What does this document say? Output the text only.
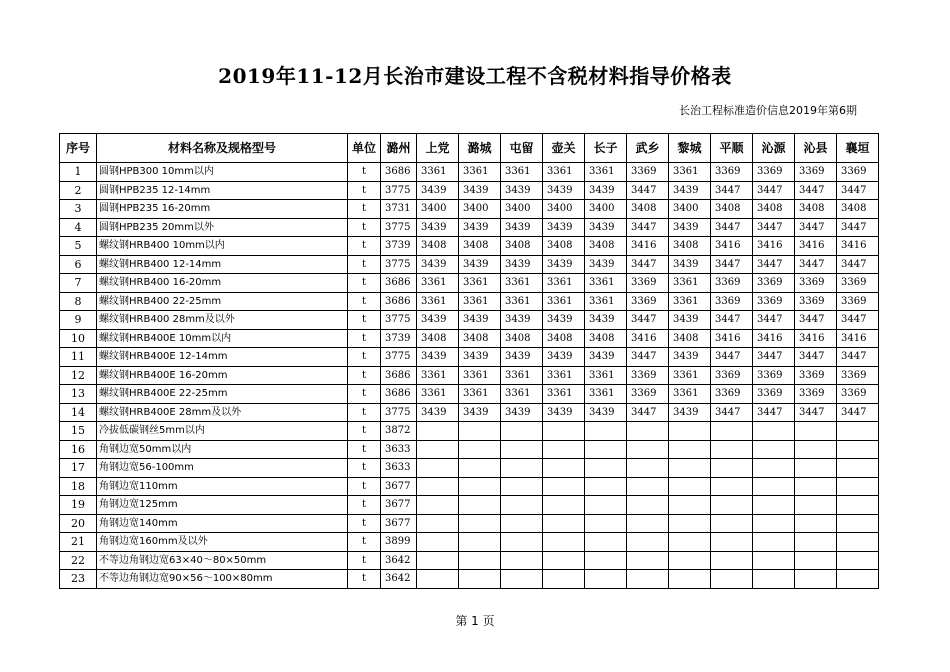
2019年11-12月长治市建设工程不含税材料指导价格表
长治工程标准造价信息2019年第6期
序号	材料名称及规格型号	单位	潞州	上党	潞城	屯留	壶关	长子	武乡	黎城	平顺	沁源	沁县	襄垣
1	圆钢HPB300 10mm以内	t	3686	3361	3361	3361	3361	3361	3369	3361	3369	3369	3369	3369
2	圆钢HPB235 12-14mm	t	3775	3439	3439	3439	3439	3439	3447	3439	3447	3447	3447	3447
3	圆钢HPB235 16-20mm	t	3731	3400	3400	3400	3400	3400	3408	3400	3408	3408	3408	3408
4	圆钢HPB235 20mm以外	t	3775	3439	3439	3439	3439	3439	3447	3439	3447	3447	3447	3447
5	螺纹钢HRB400 10mm以内	t	3739	3408	3408	3408	3408	3408	3416	3408	3416	3416	3416	3416
6	螺纹钢HRB400 12-14mm	t	3775	3439	3439	3439	3439	3439	3447	3439	3447	3447	3447	3447
7	螺纹钢HRB400 16-20mm	t	3686	3361	3361	3361	3361	3361	3369	3361	3369	3369	3369	3369
8	螺纹钢HRB400 22-25mm	t	3686	3361	3361	3361	3361	3361	3369	3361	3369	3369	3369	3369
9	螺纹钢HRB400 28mm及以外	t	3775	3439	3439	3439	3439	3439	3447	3439	3447	3447	3447	3447
10	螺纹钢HRB400E 10mm以内	t	3739	3408	3408	3408	3408	3408	3416	3408	3416	3416	3416	3416
11	螺纹钢HRB400E 12-14mm	t	3775	3439	3439	3439	3439	3439	3447	3439	3447	3447	3447	3447
12	螺纹钢HRB400E 16-20mm	t	3686	3361	3361	3361	3361	3361	3369	3361	3369	3369	3369	3369
13	螺纹钢HRB400E 22-25mm	t	3686	3361	3361	3361	3361	3361	3369	3361	3369	3369	3369	3369
14	螺纹钢HRB400E 28mm及以外	t	3775	3439	3439	3439	3439	3439	3447	3439	3447	3447	3447	3447
15	冷拔低碳钢丝5mm以内	t	3872											
16	角钢边宽50mm以内	t	3633											
17	角钢边宽56-100mm	t	3633											
18	角钢边宽110mm	t	3677											
19	角钢边宽125mm	t	3677											
20	角钢边宽140mm	t	3677											
21	角钢边宽160mm及以外	t	3899											
22	不等边角钢边宽63×40～80×50mm	t	3642											
23	不等边角钢边宽90×56～100×80mm	t	3642											
第 1 页
